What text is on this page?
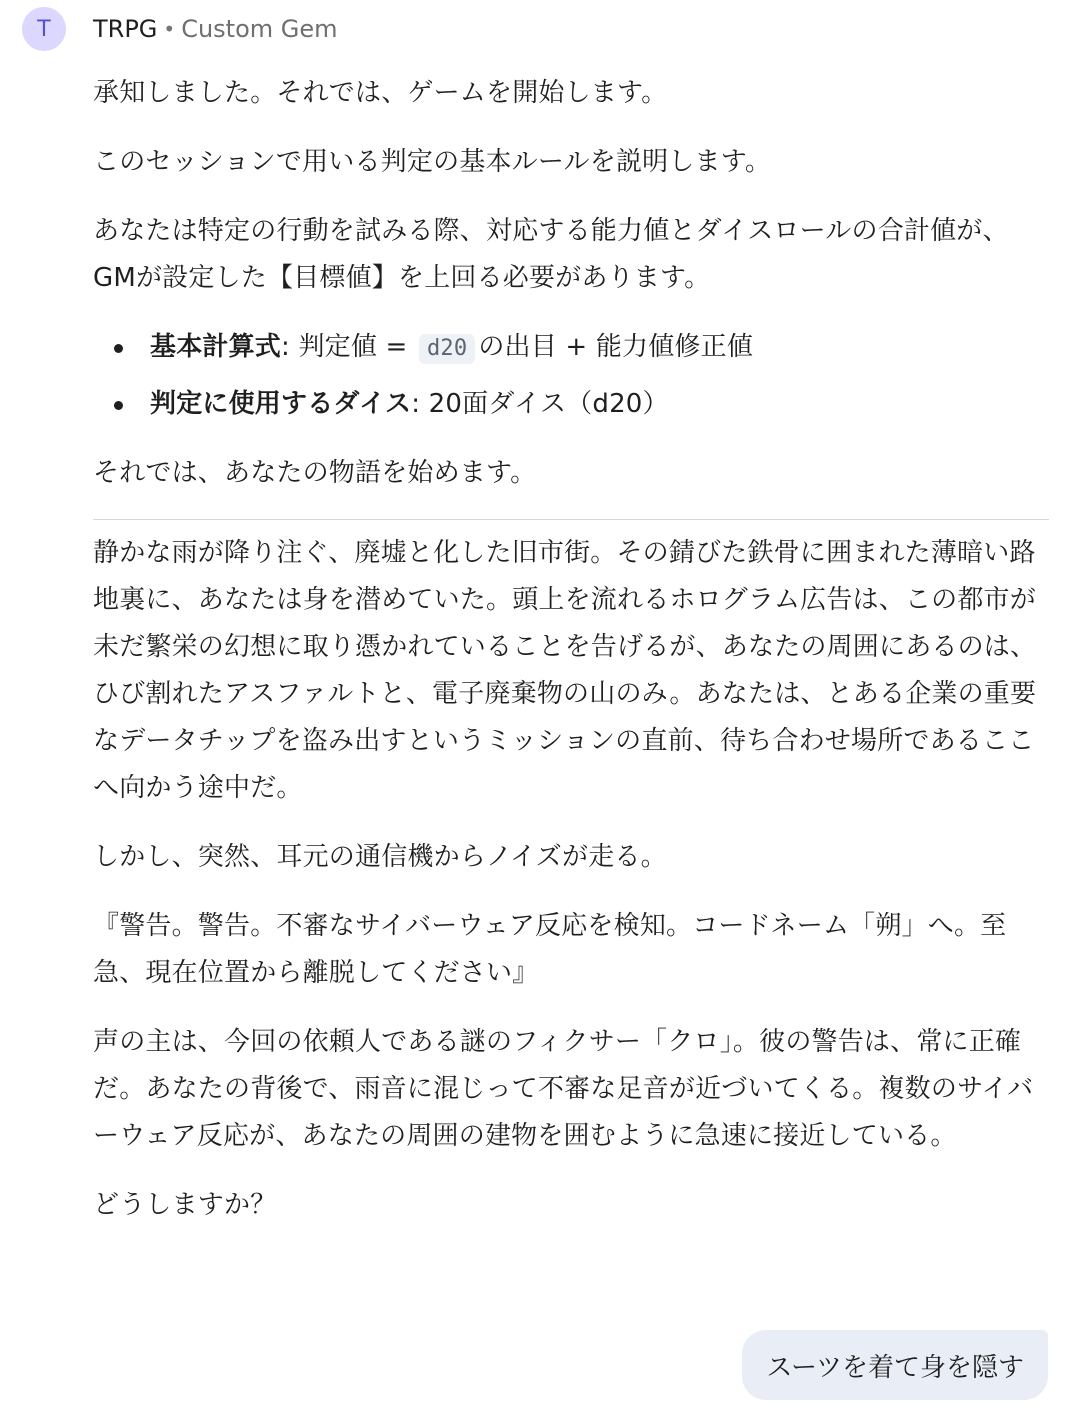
T	TRPG • Custom Gem

承知しました。それでは、ゲームを開始します。

このセッションで用いる判定の基本ルールを説明します。

あなたは特定の行動を試みる際、対応する能力値とダイスロールの合計値が、GMが設定した【目標値】を上回る必要があります。

基本計算式: 判定値 = d20 の出目 + 能力値修正値
判定に使用するダイス: 20面ダイス（d20）

それでは、あなたの物語を始めます。

静かな雨が降り注ぐ、廃墟と化した旧市街。その錆びた鉄骨に囲まれた薄暗い路地裏に、あなたは身を潜めていた。頭上を流れるホログラム広告は、この都市が未だ繁栄の幻想に取り憑かれていることを告げるが、あなたの周囲にあるのは、ひび割れたアスファルトと、電子廃棄物の山のみ。あなたは、とある企業の重要なデータチップを盗み出すというミッションの直前、待ち合わせ場所であるここへ向かう途中だ。

しかし、突然、耳元の通信機からノイズが走る。

『警告。警告。不審なサイバーウェア反応を検知。コードネーム「朔」へ。至急、現在位置から離脱してください』

声の主は、今回の依頼人である謎のフィクサー「クロ」。彼の警告は、常に正確だ。あなたの背後で、雨音に混じって不審な足音が近づいてくる。複数のサイバーウェア反応が、あなたの周囲の建物を囲むように急速に接近している。

どうしますか？

スーツを着て身を隠す
